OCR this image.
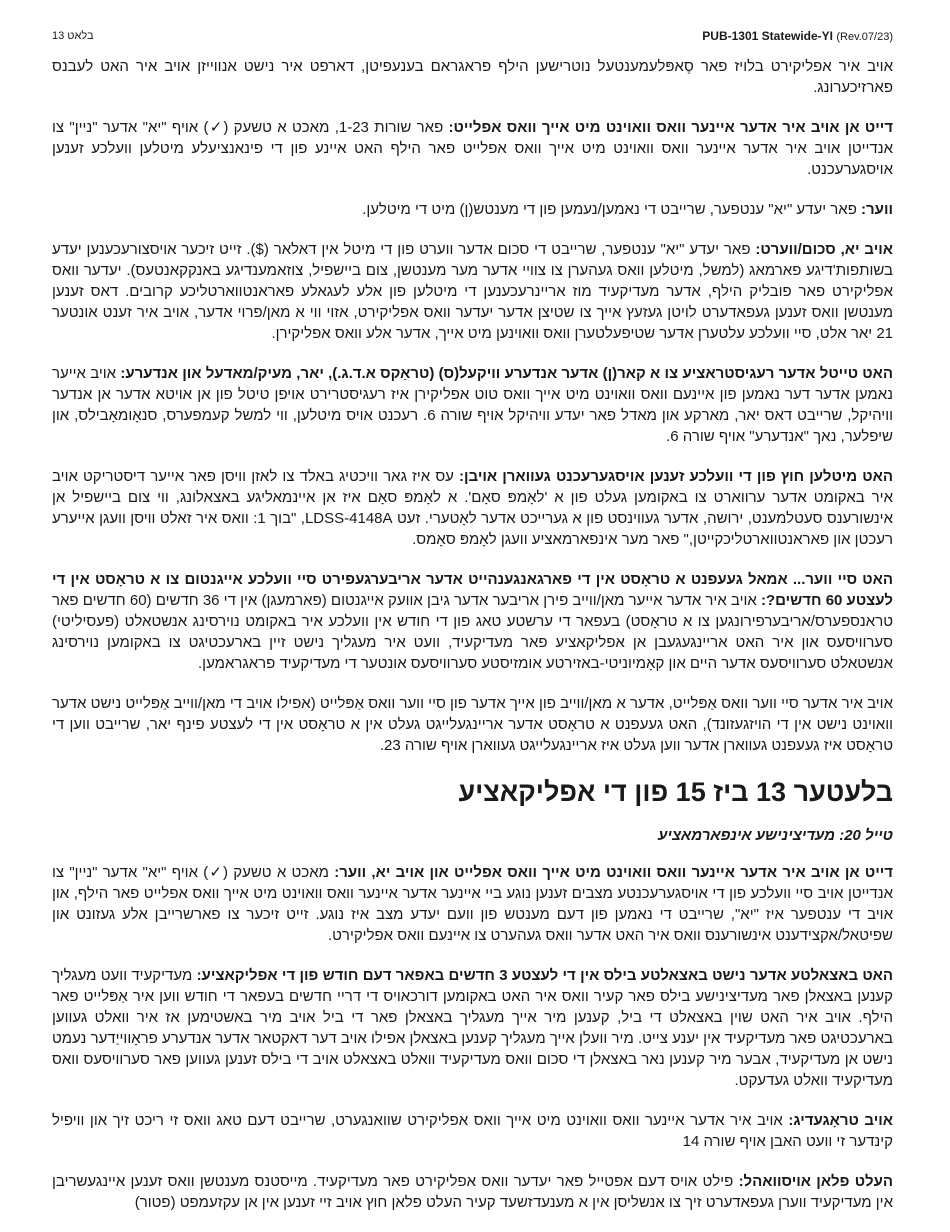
בלאט 13	PUB-1301 Statewide-YI (Rev.07/23)

אויב איר אפליקירט בלויז פאר סֶאפּלעמענטעל נוטרישען הילף פראגראם בענעפיטן, דארפט איר נישט אנווייזן אויב איר האט לעבנס פארזיכערונג.

דייט אן אויב איר אדער איינער וואס וואוינט מיט אייך וואס אפלייט: פאר שורות 1-23, מאכט א טשעק (✓) אויף "יא" אדער "ניין" צו אנדייטן אויב איר אדער איינער וואס וואוינט מיט אייך וואס אפלייט פאר הילף האט איינע פון די פינאנציעלע מיטלען וועלכע זענען אויסגערעכנט.

ווער: פאר יעדע "יא" ענטפער, שרייבט די נאמען/נעמען פון די מענטש(ן) מיט די מיטלען.

אויב יא, סכום/ווערט: פאר יעדע "יא" ענטפער, שרייבט די סכום אדער ווערט פון די מיטל אין דאלאר ($). זייט זיכער אויסצורעכענען יעדע בשותפות'דיגע פארמאג (למשל, מיטלען וואס געהערן צו צוויי אדער מער מענטשן, צום ביישפיל, צוזאמענדיגע באנקקאנטעס). יעדער וואס אפליקירט פאר פובליק הילף, אדער מעדיקעיד מוז אריינרעכענען די מיטלען פון אלע לעגאלע פאראנטווארטליכע קרובים. דאס זענען מענטשן וואס זענען געפאדערט לויטן געזעץ אייך צו שטיצן אדער יעדער וואס אפליקירט, אזוי ווי א מאן/פרוי אדער, אויב איר זענט אונטער 21 יאר אלט, סיי וועלכע עלטערן אדער שטיפעלטערן וואס וואוינען מיט אייך, אדער אלע וואס אפליקירן.

האט טייטל אדער רעגיסטראציע צו א קאר(ן) אדער אנדערע וויקעל(ס) (טראַקס א.ד.ג.), יאר, מעיק/מאדעל און אנדערע: אויב אייער נאמען אדער דער נאמען פון איינעם וואס וואוינט מיט אייך וואס טוט אפליקירן איז רעגיסטרירט אויפן טיטל פון אן אויטא אדער אן אנדער וויהיקל, שרייבט דאס יאר, מארקע און מאדל פאר יעדע וויהיקל אויף שורה 6. רעכנט אויס מיטלען, ווי למשל קעמפערס, סנאָומאָבילס, און שיפלער, נאך "אנדערע" אויף שורה 6.

האט מיטלען חוץ פון די וועלכע זענען אויסגערעכנט געווארן אויבן: עס איז גאר וויכטיג באלד צו לאזן וויסן פאר אייער דיסטריקט אויב איר באקומט אדער ערווארט צו באקומען געלט פון א 'לאָמפּ סאָם'. א לאָמפּ סאָם איז אן איינמאליגע באצאלונג, ווי צום ביישפיל אן אינשורענס סעטלמענט, ירושה, אדער געווינסט פון א גערייכט אדער לאָטערי. זעט LDSS-4148A, "בוך 1: וואס איר זאלט וויסן וועגן אייערע רעכטן און פאראנטווארטליכקייטן," פאר מער אינפארמאציע וועגן לאָמפּ סאָמס.

האט סיי ווער... אמאל געעפנט א טראָסט אין די פארגאנגענהייט אדער אריבערגעפירט סיי וועלכע אייגנטום צו א טראָסט אין די לעצטע 60 חדשים?: אויב איר אדער אייער מאן/ווייב פירן אריבער אדער גיבן אוועק אייגנטום (פארמעגן) אין די 36 חדשים (60 חדשים פאר טראנספערס/אריבערפירונגען צו א טראָסט) בעפאר די ערשטע טאג פון די חודש אין וועלכע איר באקומט נוירסינג אנשטאלט (פעסיליטי) סערוויסעס און איר האט אריינגעגעבן אן אפליקאציע פאר מעדיקעיד, וועט איר מעגליך נישט זיין בארעכטיגט צו באקומען נוירסינג אנשטאלט סערוויסעס אדער היים און קאָמיוניטי-באזירטע אומזיסטע סערוויסעס אונטער די מעדיקעיד פראגראמען.

אויב איר אדער סיי ווער וואס אַפּלייט, אדער א מאן/ווייב פון אייך אדער פון סיי ווער וואס אַפּלייט (אפילו אויב די מאן/ווייב אַפּלייט נישט אדער וואוינט נישט אין די הויזגעזונד), האט געעפנט א טראָסט אדער אריינגעלייגט געלט אין א טראָסט אין די לעצטע פינף יאר, שרייבט ווען די טראָסט איז געעפנט געווארן אדער ווען געלט איז אריינגעלייגט געווארן אויף שורה 23.

בלעטער 13 ביז 15 פון די אפליקאציע
טייל 20: מעדיצינישע אינפארמאציע

דייט אן אויב איר אדער איינער וואס וואוינט מיט אייך וואס אפלייט און אויב יא, ווער: מאכט א טשעק (✓) אויף "יא" אדער "ניין" צו אנדייטן אויב סיי וועלכע פון די אויסגערעכנטע מצבים זענען נוגע ביי איינער אדער איינער וואס וואוינט מיט אייך וואס אפלייט פאר הילף, און אויב די ענטפער איז "יא", שרייבט די נאמען פון דעם מענטש פון וועם יעדע מצב איז נוגע. זייט זיכער צו פארשרייבן אלע געזונט און שפיטאל/אקצידענט אינשורענס וואס איר האט אדער וואס געהערט צו איינעם וואס אפליקירט.

האט באצאלטע אדער נישט באצאלטע בילס אין די לעצטע 3 חדשים באפאר דעם חודש פון די אפליקאציע: מעדיקעיד וועט מעגליך קענען באצאלן פאר מעדיצינישע בילס פאר קעיר וואס איר האט באקומען דורכאויס די דריי חדשים בעפאר די חודש ווען איר אַפּלייט פאר הילף. אויב איר האט שוין באצאלט די ביל, קענען מיר אייך מעגליך באצאלן פאר די ביל אויב מיר באשטימען אז איר וואלט געווען בארעכטיגט פאר מעדיקעיד אין יענע צייט. מיר וועלן אייך מעגליך קענען באצאלן אפילו אויב דער דאקטאר אדער אנדערע פראָווייַדער נעמט נישט אן מעדיקעיד, אבער מיר קענען נאר באצאלן די סכום וואס מעדיקעיד וואלט באצאלט אויב די בילס זענען געווען פאר סערוויסעס וואס מעדיקעיד וואלט געדעקט.

אויב טראָגעדיג: אויב איר אדער איינער וואס וואוינט מיט אייך וואס אפליקירט שוואנגערט, שרייבט דעם טאג וואס זי ריכט זיך און וויפיל קינדער זי וועט האבן אויף שורה 14

העלט פלאן אויסוואהל: פילט אויס דעם אפטייל פאר יעדער וואס אפליקירט פאר מעדיקעיד. מייסטנס מענטשן וואס זענען איינגעשריבן אין מעדיקעיד ווערן געפאדערט זיך צו אנשליסן אין א מענעדזשעד קעיר העלט פלאן חוץ אויב זיי זענען אין אן עקזעמפט (פטור)
